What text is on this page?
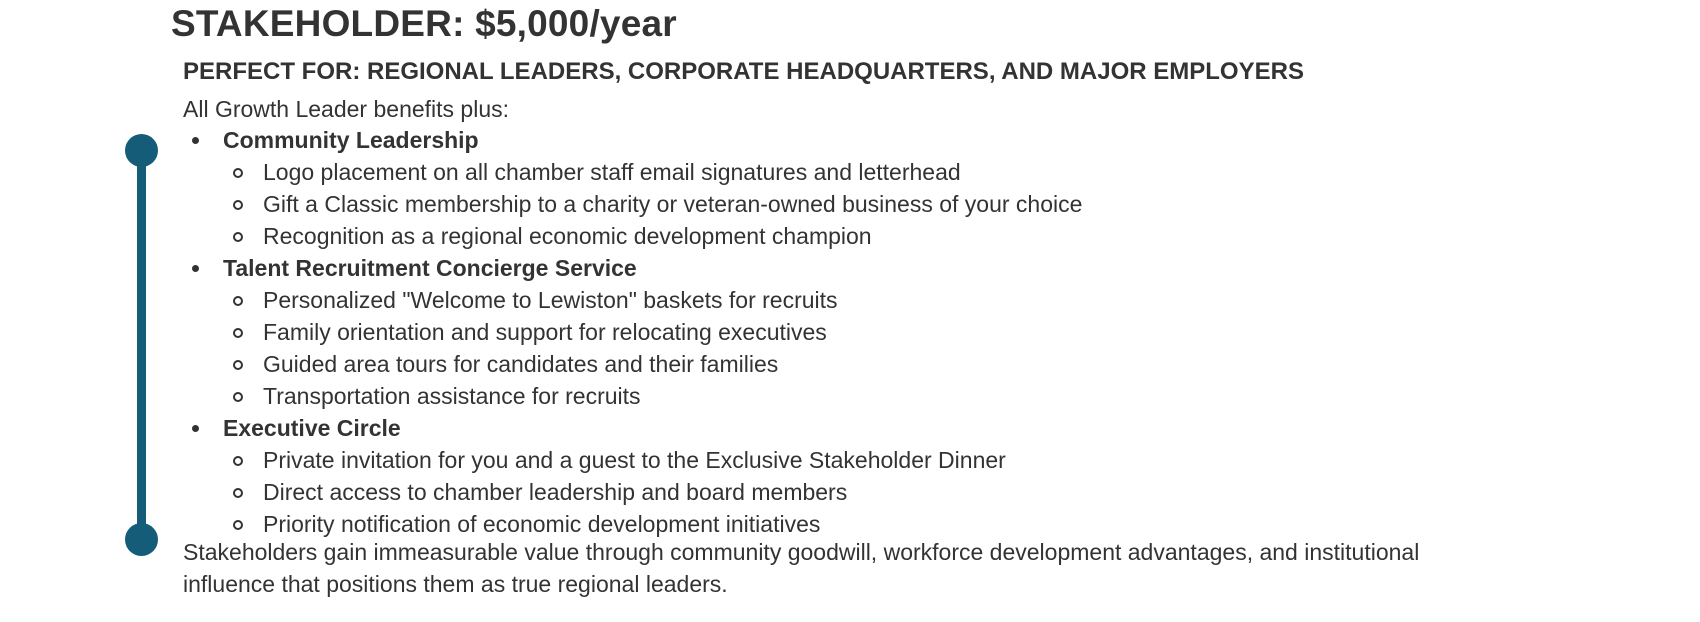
STAKEHOLDER: $5,000/year
PERFECT FOR: REGIONAL LEADERS, CORPORATE HEADQUARTERS, AND MAJOR EMPLOYERS

All Growth Leader benefits plus:

Community Leadership
Logo placement on all chamber staff email signatures and letterhead
Gift a Classic membership to a charity or veteran-owned business of your choice
Recognition as a regional economic development champion
Talent Recruitment Concierge Service
Personalized "Welcome to Lewiston" baskets for recruits
Family orientation and support for relocating executives
Guided area tours for candidates and their families
Transportation assistance for recruits
Executive Circle
Private invitation for you and a guest to the Exclusive Stakeholder Dinner
Direct access to chamber leadership and board members
Priority notification of economic development initiatives

Stakeholders gain immeasurable value through community goodwill, workforce development advantages, and institutional influence that positions them as true regional leaders.
